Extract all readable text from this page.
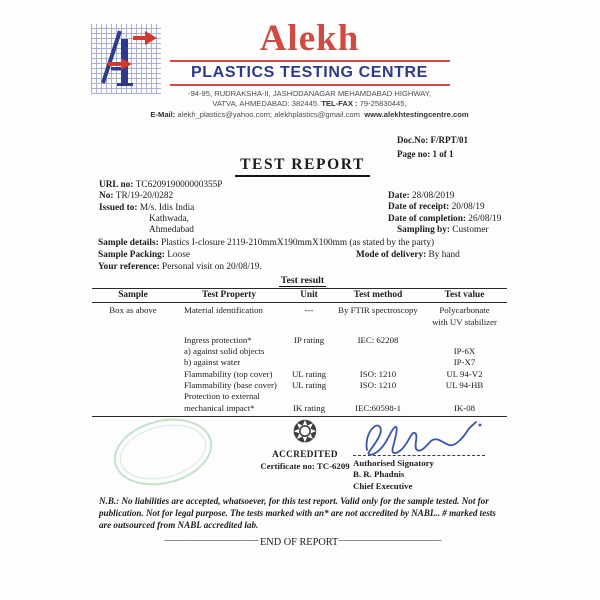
Alekh
PLASTICS TESTING CENTRE
-94-95, RUDRAKSHA-II, JASHODANAGAR MEHAMDABAD HIGHWAY,
VATVA, AHMEDABAD: 382445. TEL-FAX : 79-25830445,
E-Mail: alekh_plastics@yahoo.com; alekhplastics@gmail.com www.alekhtestingcentre.com
Doc.No: F/RPT/01
Page no: 1 of 1
TEST REPORT
URL no: TC620919000000355P
No: TR/19-20/0282
Issued to: M/s. Idis India
Kathwada,
Ahmedabad
Date: 28/08/2019
Date of receipt: 20/08/19
Date of completion: 26/08/19
Sampling by: Customer
Sample details: Plastics I-closure 2119-210mmX190mmX100mm (as stated by the party)
Sample Packing: Loose	Mode of delivery: By hand
Your reference: Personal visit on 20/08/19.
Test result
Sample	Test Property	Unit	Test method	Test value
Box as above	Material identification	---	By FTIR spectroscopy	Polycarbonate
				with UV stabilizer
	Ingress protection*	IP rating	IEC: 62208	
	a) against solid objects			IP-6X
	b) against water			IP-X7
	Flammability (top cover)	UL rating	ISO: 1210	UL 94-V2
	Flammability (base cover)	UL rating	ISO: 1210	UL 94-HB
	Protection to external			
	mechanical impact*	IK rating	IEC:60598-1	IK-08
❂
ACCREDITED
Certificate no: TC-6209 Authorised Signatory
B. R. Phadnis
Chief Executive
N.B.: No liabilities are accepted, whatsoever, for this test report. Valid only for the sample tested. Not for publication. Not for legal purpose. The tests marked with an* are not accredited by NABL.. # marked tests are outsourced from NABL accredited lab.
—————————— END OF REPORT———————————
